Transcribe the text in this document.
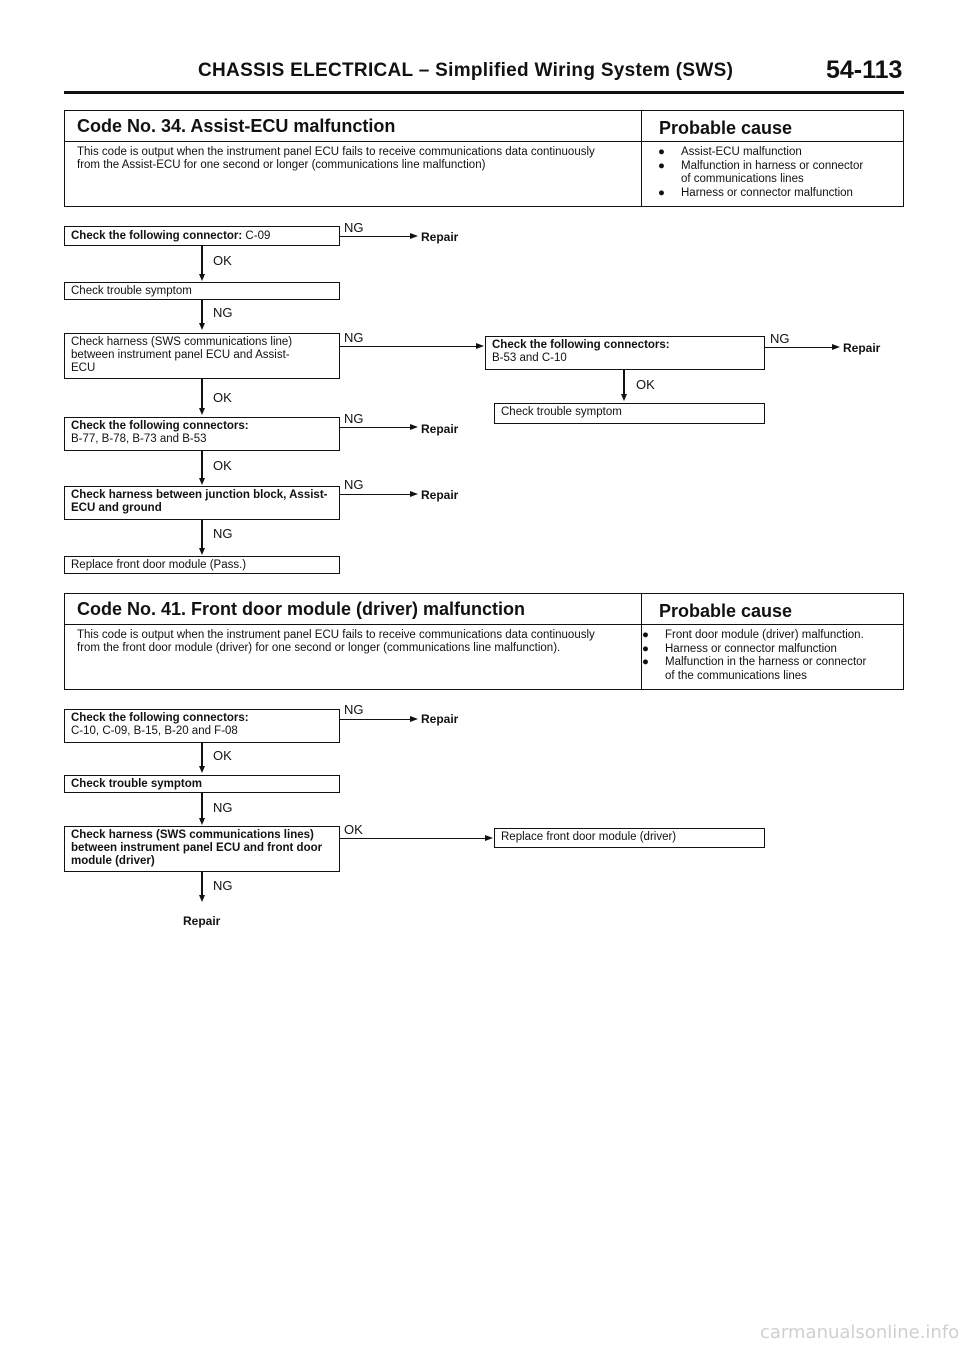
CHASSIS ELECTRICAL – Simplified Wiring System (SWS)	54-113
Code No. 34. Assist-ECU malfunction
This code is output when the instrument panel ECU fails to receive communications data continuously
from the Assist-ECU for one second or longer (communications line malfunction)
Probable cause
● Assist-ECU malfunction
● Malfunction in harness or connector
of communications lines
● Harness or connector malfunction
Check the following connector: C-09
NG
Repair
OK
Check trouble symptom
NG
Check harness (SWS communications line)
between instrument panel ECU and Assist-
ECU
NG	Check the following connectors:
B-53 and C-10
NG
Repair
OK
Check trouble symptom
OK
Check the following connectors:
B-77, B-78, B-73 and B-53
NG
Repair
OK
Check harness between junction block, Assist-
ECU and ground
NG
Repair
NG
Replace front door module (Pass.)
Code No. 41. Front door module (driver) malfunction
This code is output when the instrument panel ECU fails to receive communications data continuously
from the front door module (driver) for one second or longer (communications line malfunction).
Probable cause
● Front door module (driver) malfunction.
● Harness or connector malfunction
● Malfunction in the harness or connector
of the communications lines
Check the following connectors:
C-10, C-09, B-15, B-20 and F-08
NG
Repair
OK
Check trouble symptom
NG
Check harness (SWS communications lines)
between instrument panel ECU and front door
module (driver)
OK	Replace front door module (driver)
NG
Repair
carmanualsonline.info
